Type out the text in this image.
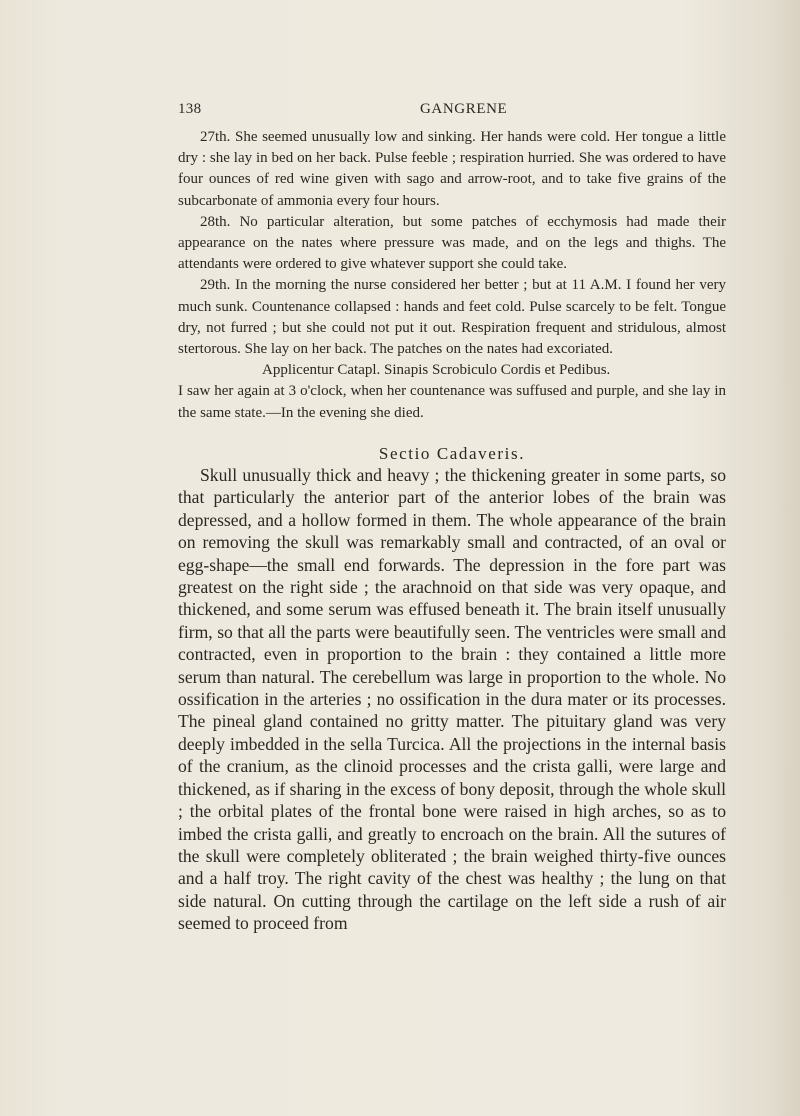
138	GANGRENE

27th. She seemed unusually low and sinking. Her hands were cold. Her tongue a little dry : she lay in bed on her back. Pulse feeble ; respiration hurried. She was ordered to have four ounces of red wine given with sago and arrow-root, and to take five grains of the subcarbonate of ammonia every four hours.

28th. No particular alteration, but some patches of ecchymosis had made their appearance on the nates where pressure was made, and on the legs and thighs. The attendants were ordered to give whatever support she could take.

29th. In the morning the nurse considered her better ; but at 11 A.M. I found her very much sunk. Countenance collapsed : hands and feet cold. Pulse scarcely to be felt. Tongue dry, not furred ; but she could not put it out. Respiration frequent and stridulous, almost stertorous. She lay on her back. The patches on the nates had excoriated.

Applicentur Catapl. Sinapis Scrobiculo Cordis et Pedibus.

I saw her again at 3 o'clock, when her countenance was suffused and purple, and she lay in the same state.—In the evening she died.

Sectio Cadaveris.

Skull unusually thick and heavy ; the thickening greater in some parts, so that particularly the anterior part of the anterior lobes of the brain was depressed, and a hollow formed in them. The whole appearance of the brain on removing the skull was remarkably small and contracted, of an oval or egg-shape—the small end forwards. The depression in the fore part was greatest on the right side ; the arachnoid on that side was very opaque, and thickened, and some serum was effused beneath it. The brain itself unusually firm, so that all the parts were beautifully seen. The ventricles were small and contracted, even in proportion to the brain : they contained a little more serum than natural. The cerebellum was large in proportion to the whole. No ossification in the arteries ; no ossification in the dura mater or its processes. The pineal gland contained no gritty matter. The pituitary gland was very deeply imbedded in the sella Turcica. All the projections in the internal basis of the cranium, as the clinoid processes and the crista galli, were large and thickened, as if sharing in the excess of bony deposit, through the whole skull ; the orbital plates of the frontal bone were raised in high arches, so as to imbed the crista galli, and greatly to encroach on the brain. All the sutures of the skull were completely obliterated ; the brain weighed thirty-five ounces and a half troy. The right cavity of the chest was healthy ; the lung on that side natural. On cutting through the cartilage on the left side a rush of air seemed to proceed from
